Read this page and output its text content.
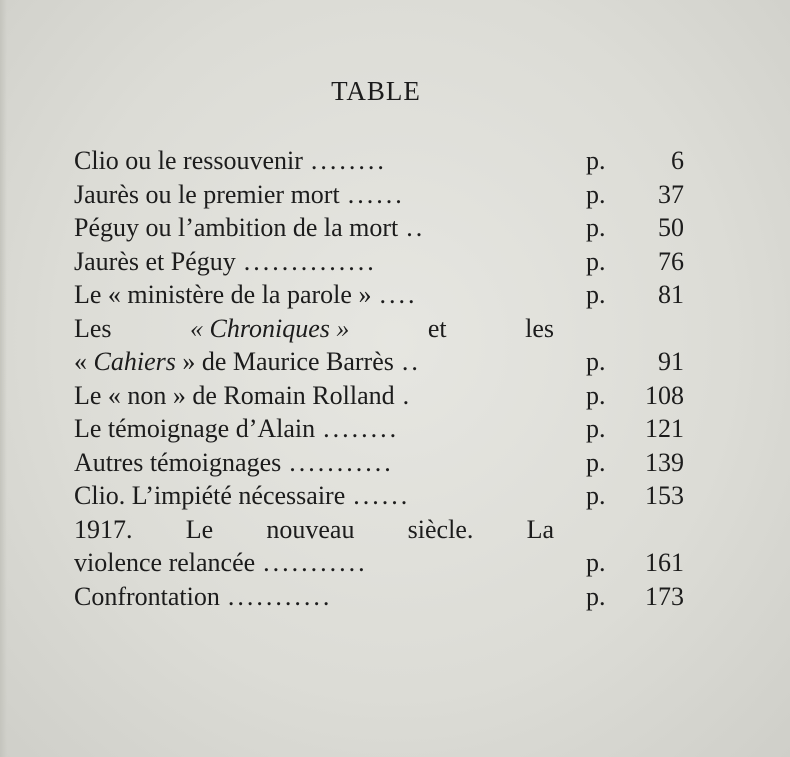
TABLE
Clio ou le ressouvenir ........	p.	6
Jaurès ou le premier mort ......	p. 37
Péguy ou l’ambition de la mort ..	p. 50
Jaurès et Péguy ..............	p. 76
Le « ministère de la parole » ....	p. 81
Les	« Chroniques »	et	les
« Cahiers » de Maurice Barrès ..	p. 91
Le « non » de Romain Rolland .	p. 108
Le témoignage d’Alain ........	p. 121
Autres témoignages ...........	p. 139
Clio. L’impiété nécessaire ......	p. 153
1917. Le nouveau siècle. La
violence relancée ...........	p. 161
Confrontation ...........	p. 173
